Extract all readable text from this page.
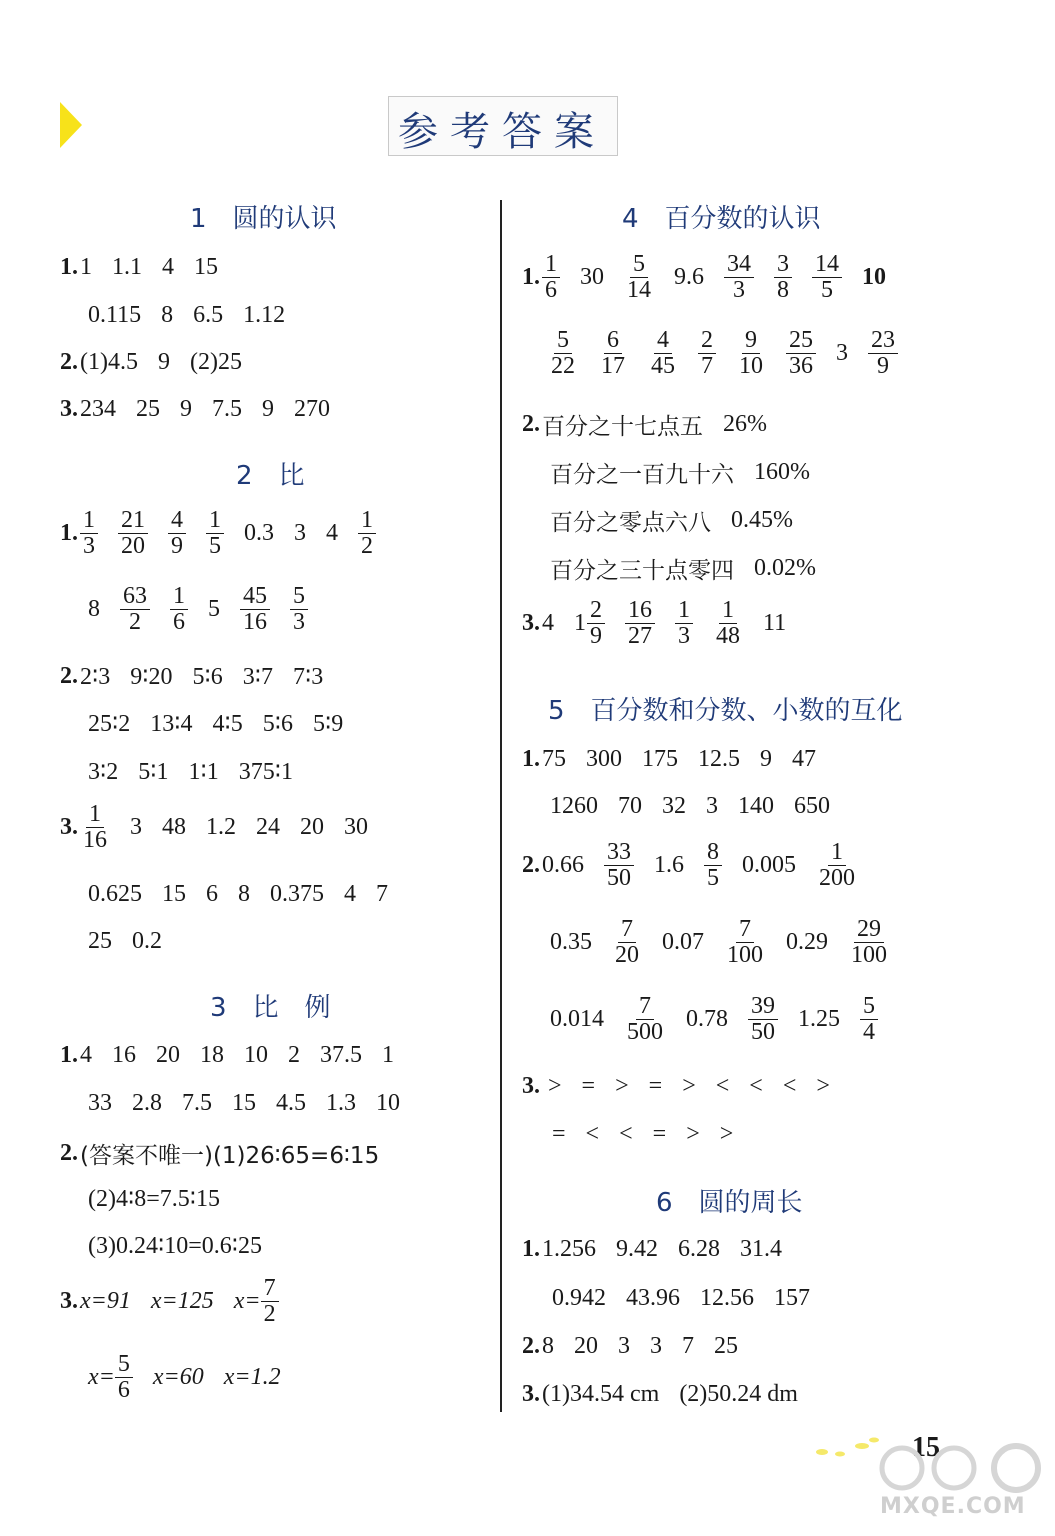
参考答案
1　圆的认识
1. 1 1.1 4 15
0.115 8 6.5 1.12
2. (1)4.5 9 (2)25
3. 234 25 9 7.5 9 270
2　比
1. $\frac{1}{3} \frac{21}{20} \frac{4}{9} \frac{1}{5} 0.3$ 3 $4 \frac{1}{2}$
$8 \frac{63}{2} \frac{1}{6} 5 \frac{45}{16} \frac{5}{3}$
2. 2∶3 9∶20 5∶6 3∶7 7∶3
25∶2 13∶4 4∶5 5∶6 5∶9
3∶2 5∶1 1∶1 375∶1
3. $\frac{1}{16} 3$ 48 1.2 24 20 30
0.625 15 6 8 0.375 4 7
25 0.2
3　比　例
1. 4 16 20 18 10 2 37.5 1
33 2.8 7.5 15 4.5 1.3 10
2. (答案不唯一)(1)26∶65=6∶15
(2)4∶8=7.5∶15
(3)0.24∶10=0.6∶25
3. x=91 x=125 $x= \frac{7}{2}$
$x= \frac{5}{6} x=60$ x=1.2
4　百分数的认识
1. $\frac{1}{6} 30 \frac{5}{14} 9.6 \frac{34}{3} \frac{3}{8} \frac{14}{5} 10$
$\frac{5}{22} \frac{6}{17} \frac{4}{45} \frac{2}{7} \frac{9}{10} \frac{25}{36} 3 \frac{23}{9}$
2. 百分之十七点五 26%
百分之一百九十六 160%
百分之零点六八 0.45%
百分之三十点零四 0.02%
3. 4 $1 \frac{2}{9} \frac{16}{27} \frac{1}{3} \frac{1}{48} 11$
5　百分数和分数、小数的互化
1. 75 300 175 12.5 9 47
1260 70 32 3 140 650
2. $0.66 \frac{33}{50} 1.6 \frac{8}{5} 0.005 \frac{1}{200}$
$0.35 \frac{7}{20} 0.07 \frac{7}{100} 0.29 \frac{29}{100}$
$0.014 \frac{7}{500} 0.78 \frac{39}{50} 1.25 \frac{5}{4}$
3. > = > = > < < < >
= < < = > >
6　圆的周长
1. 1.256 9.42 6.28 31.4
0.942 43.96 12.56 157
2. 8 20 3 3 7 25
3. (1)34.54 cm (2)50.24 dm
15
MXQE.COM
